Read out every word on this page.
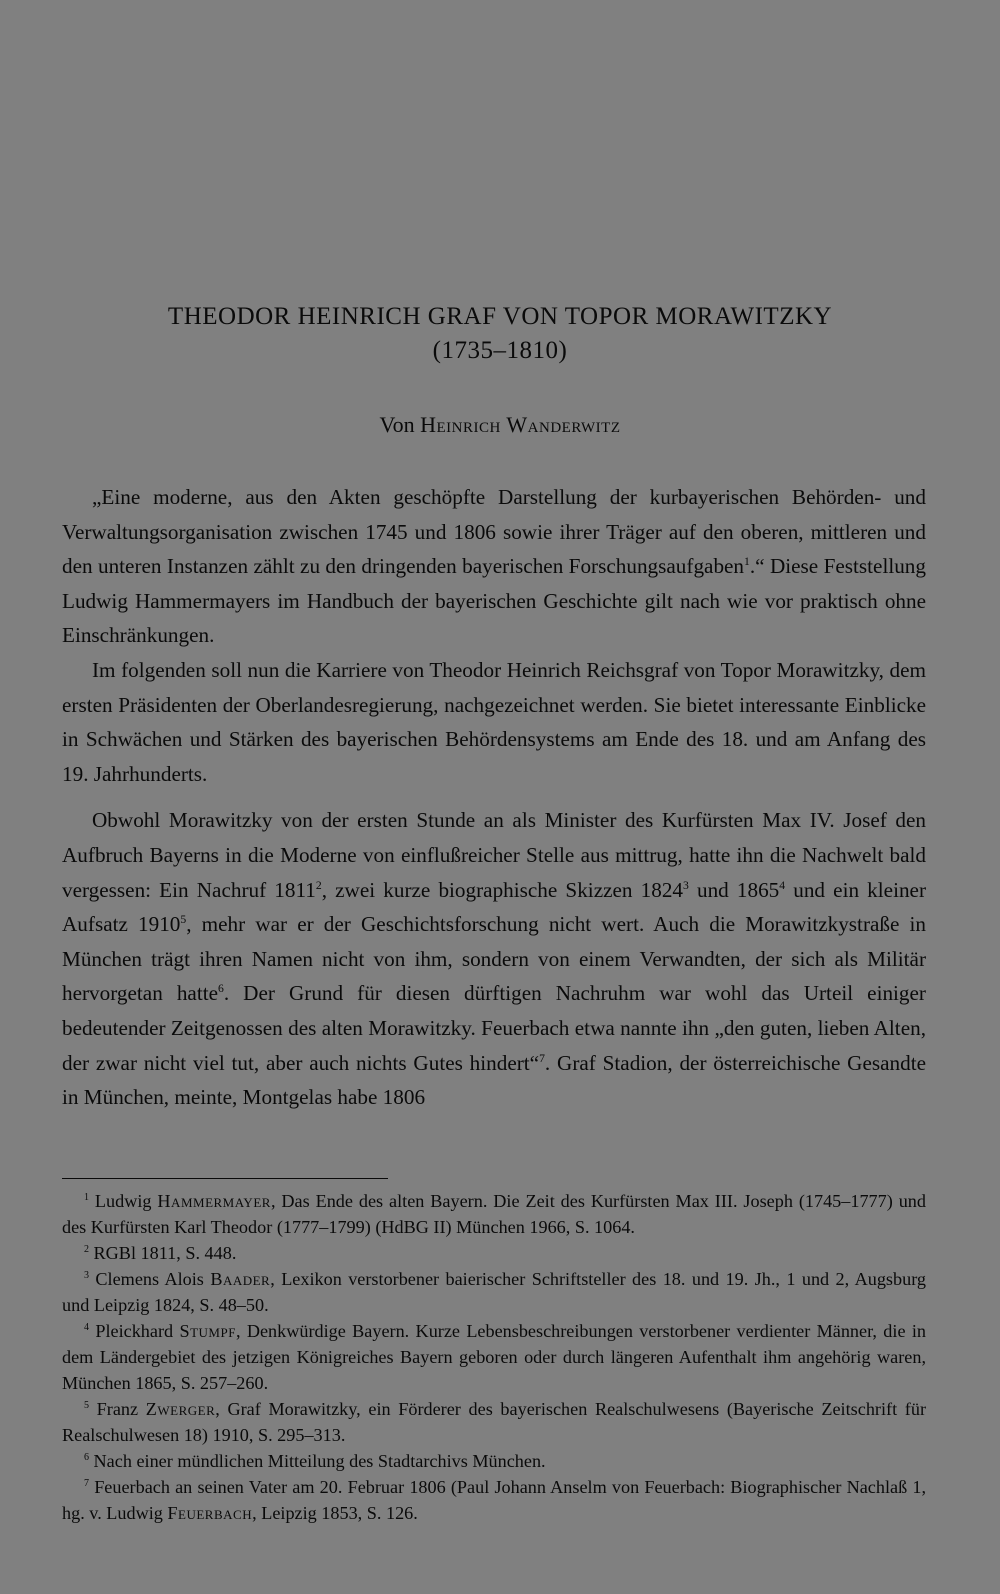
THEODOR HEINRICH GRAF VON TOPOR MORAWITZKY
(1735–1810)
Von Heinrich Wanderwitz

„Eine moderne, aus den Akten geschöpfte Darstellung der kurbayerischen Behörden- und Verwaltungsorganisation zwischen 1745 und 1806 sowie ihrer Träger auf den oberen, mittleren und den unteren Instanzen zählt zu den dringenden bayerischen Forschungsaufgaben$^1$.“ Diese Feststellung Ludwig Hammermayers im Handbuch der bayerischen Geschichte gilt nach wie vor praktisch ohne Einschränkungen.

Im folgenden soll nun die Karriere von Theodor Heinrich Reichsgraf von Topor Morawitzky, dem ersten Präsidenten der Oberlandesregierung, nachgezeichnet werden. Sie bietet interessante Einblicke in Schwächen und Stärken des bayerischen Behördensystems am Ende des 18. und am Anfang des 19. Jahrhunderts.

Obwohl Morawitzky von der ersten Stunde an als Minister des Kurfürsten Max IV. Josef den Aufbruch Bayerns in die Moderne von einflußreicher Stelle aus mittrug, hatte ihn die Nachwelt bald vergessen: Ein Nachruf 1811$^2$, zwei kurze biographische Skizzen 1824$^3$ und 1865$^4$ und ein kleiner Aufsatz 1910$^5$, mehr war er der Geschichtsforschung nicht wert. Auch die Morawitzkystraße in München trägt ihren Namen nicht von ihm, sondern von einem Verwandten, der sich als Militär hervorgetan hatte$^6$. Der Grund für diesen dürftigen Nachruhm war wohl das Urteil einiger bedeutender Zeitgenossen des alten Morawitzky. Feuerbach etwa nannte ihn „den guten, lieben Alten, der zwar nicht viel tut, aber auch nichts Gutes hindert“$^7$. Graf Stadion, der österreichische Gesandte in München, meinte, Montgelas habe 1806

$^1$ Ludwig Hammermayer, Das Ende des alten Bayern. Die Zeit des Kurfürsten Max III. Joseph (1745–1777) und des Kurfürsten Karl Theodor (1777–1799) (HdBG II) München 1966, S. 1064.

$^2$ RGBl 1811, S. 448.

$^3$ Clemens Alois Baader, Lexikon verstorbener baierischer Schriftsteller des 18. und 19. Jh., 1 und 2, Augsburg und Leipzig 1824, S. 48–50.

$^4$ Pleickhard Stumpf, Denkwürdige Bayern. Kurze Lebensbeschreibungen verstorbener verdienter Männer, die in dem Ländergebiet des jetzigen Königreiches Bayern geboren oder durch längeren Aufenthalt ihm angehörig waren, München 1865, S. 257–260.

$^5$ Franz Zwerger, Graf Morawitzky, ein Förderer des bayerischen Realschulwesens (Bayerische Zeitschrift für Realschulwesen 18) 1910, S. 295–313.

$^6$ Nach einer mündlichen Mitteilung des Stadtarchivs München.

$^7$ Feuerbach an seinen Vater am 20. Februar 1806 (Paul Johann Anselm von Feuerbach: Biographischer Nachlaß 1, hg. v. Ludwig Feuerbach, Leipzig 1853, S. 126.
